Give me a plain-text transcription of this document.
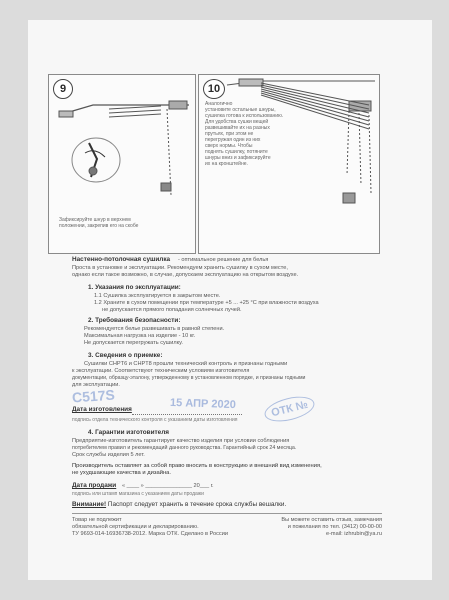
9
Зафиксируйте шнур в верхнем
положении, закрепив его на скобе
10
Аналогично
установите остальные шнуры,
сушилка готова к использованию.
Для удобства сушки вещей
развешивайте их на разных
прутьях, при этом не
перегружая один из них
сверх нормы. Чтобы
поднять сушилку, потяните
шнуры вниз и зафиксируйте
их на кронштейне.
Настенно-потолочная сушилка - оптимальное решение для белья
Проста в установке и эксплуатации. Рекомендуем хранить сушилку в сухом месте,
однако если такое возможно, в случае, допускаем эксплуатацию на открытом воздухе.
1. Указания по эксплуатации:
1.1 Сушилка эксплуатируется в закрытом месте.
1.2 Храните в сухом помещении при температуре +5 ... +25 °С при влажности воздуха
не допускается прямого попадания солнечных лучей.
2. Требования безопасности:
Рекомендуется белье развешивать в равной степени.
Максимальная нагрузка на изделие - 10 кг.
Не допускается перегружать сушилку.
3. Сведения о приемке:
Сушилки CHPT6 и CHPT8 прошли технический контроль и признаны годными
к эксплуатации. Соответствуют техническим условиям изготовителя
документации, образцу-эталону, утвержденному в установленном порядке, и признаны годными
для эксплуатации.
C517S
Дата изготовления	15 АПР 2020	ОТК №
подпись отдела технического контроля с указанием даты изготовления
4. Гарантии изготовителя
Предприятие-изготовитель гарантирует качество изделия при условии соблюдения
потребителем правил и рекомендаций данного руководства. Гарантийный срок 24 месяца.
Срок службы изделия 5 лет.
Производитель оставляет за собой право вносить в конструкцию и внешний вид изменения,
не ухудшающие качества и дизайна.
Дата продажи « ____ » _______________ 20___ г.
подпись или штамп магазина с указанием даты продажи
Внимание! Паспорт следует хранить в течение срока службы вешалки.
Товар не подлежит
обязательной сертификации и декларированию.
ТУ 9693-014-16936738-2012. Марка ОТК. Сделано в России
Вы можете оставить отзыв, замечания
и пожелания по тел. (3412) 00-00-00
e-mail: izhrubin@ya.ru
